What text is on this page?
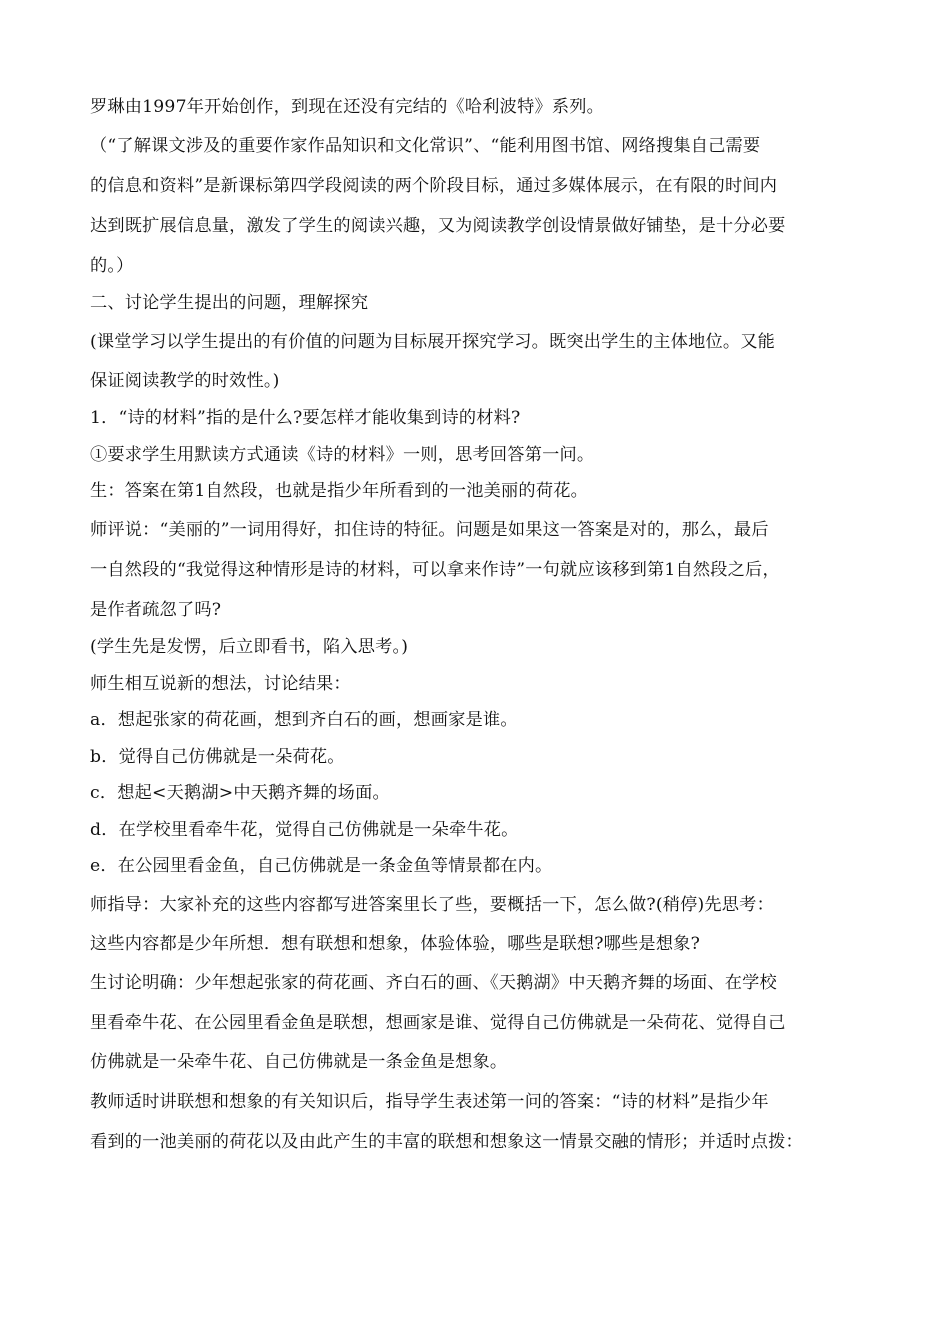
罗琳由1997年开始创作，到现在还没有完结的《哈利波特》系列。
（“了解课文涉及的重要作家作品知识和文化常识”、“能利用图书馆、网络搜集自己需要
的信息和资料”是新课标第四学段阅读的两个阶段目标，通过多媒体展示，在有限的时间内
达到既扩展信息量，激发了学生的阅读兴趣，又为阅读教学创设情景做好铺垫，是十分必要
的。）
二、讨论学生提出的问题，理解探究
(课堂学习以学生提出的有价值的问题为目标展开探究学习。既突出学生的主体地位。又能
保证阅读教学的时效性。)
1．“诗的材料”指的是什么?要怎样才能收集到诗的材料?
①要求学生用默读方式通读《诗的材料》一则，思考回答第一问。
生：答案在第1自然段，也就是指少年所看到的一池美丽的荷花。
师评说：“美丽的”一词用得好，扣住诗的特征。问题是如果这一答案是对的，那么，最后
一自然段的“我觉得这种情形是诗的材料，可以拿来作诗”一句就应该移到第1自然段之后，
是作者疏忽了吗?
(学生先是发愣，后立即看书，陷入思考。)
师生相互说新的想法，讨论结果：
a．想起张家的荷花画，想到齐白石的画，想画家是谁。
b．觉得自己仿佛就是一朵荷花。
c．想起<天鹅湖>中天鹅齐舞的场面。
d．在学校里看牵牛花，觉得自己仿佛就是一朵牵牛花。
e．在公园里看金鱼，自己仿佛就是一条金鱼等情景都在内。
师指导：大家补充的这些内容都写进答案里长了些，要概括一下，怎么做?(稍停)先思考：
这些内容都是少年所想．想有联想和想象，体验体验，哪些是联想?哪些是想象?
生讨论明确：少年想起张家的荷花画、齐白石的画、《天鹅湖》中天鹅齐舞的场面、在学校
里看牵牛花、在公园里看金鱼是联想，想画家是谁、觉得自己仿佛就是一朵荷花、觉得自己
仿佛就是一朵牵牛花、自己仿佛就是一条金鱼是想象。
教师适时讲联想和想象的有关知识后，指导学生表述第一问的答案：“诗的材料”是指少年
看到的一池美丽的荷花以及由此产生的丰富的联想和想象这一情景交融的情形；并适时点拨：
